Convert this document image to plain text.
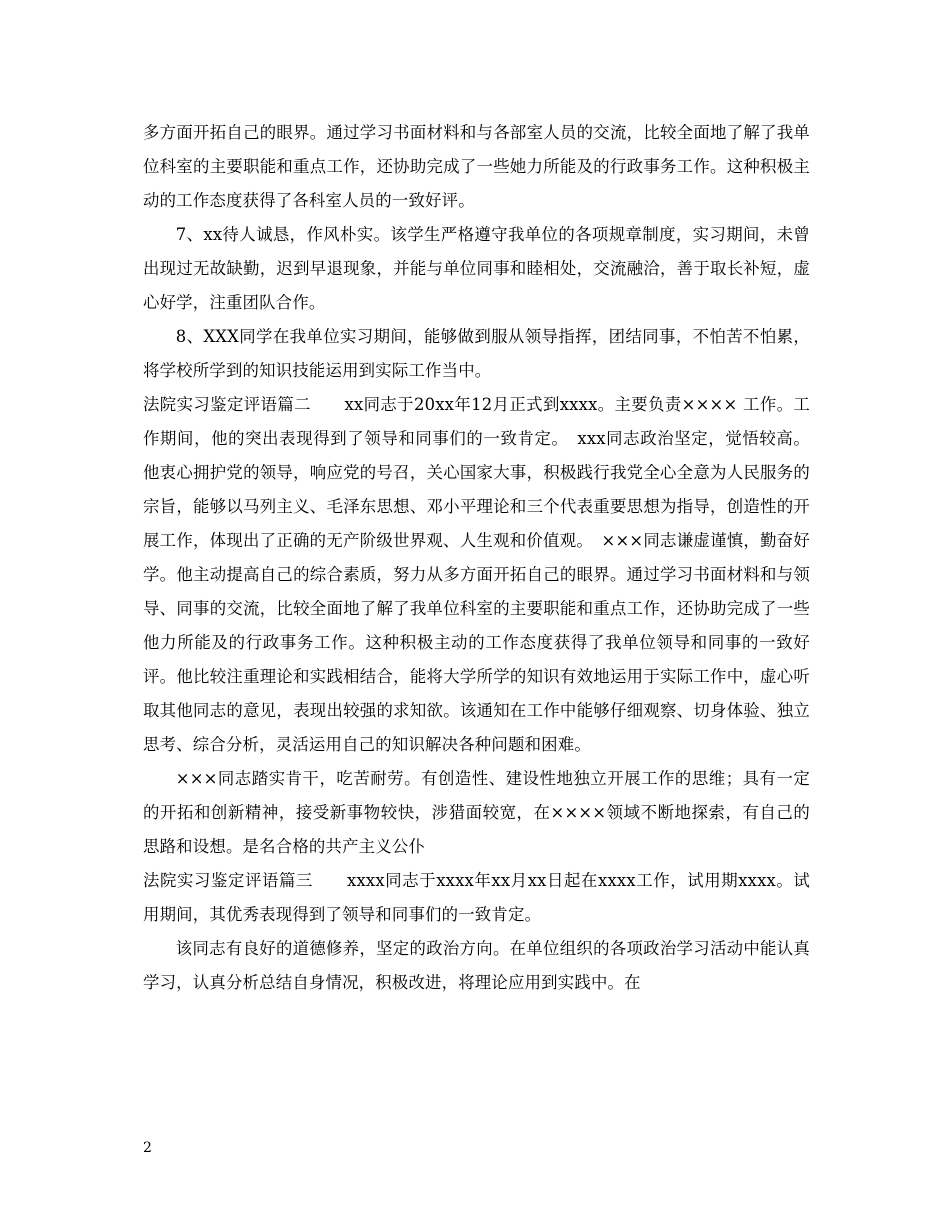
多方面开拓自己的眼界。通过学习书面材料和与各部室人员的交流，比较全面地了解了我单位科室的主要职能和重点工作，还协助完成了一些她力所能及的行政事务工作。这种积极主动的工作态度获得了各科室人员的一致好评。

7、xx待人诚恳，作风朴实。该学生严格遵守我单位的各项规章制度，实习期间，未曾出现过无故缺勤，迟到早退现象，并能与单位同事和睦相处，交流融洽，善于取长补短，虚心好学，注重团队合作。

8、XXX同学在我单位实习期间，能够做到服从领导指挥，团结同事，不怕苦不怕累，将学校所学到的知识技能运用到实际工作当中。

法院实习鉴定评语篇二　　xx同志于20xx年12月正式到xxxx。主要负责×××× 工作。工作期间，他的突出表现得到了领导和同事们的一致肯定。　xxx同志政治坚定，觉悟较高。他衷心拥护党的领导，响应党的号召，关心国家大事，积极践行我党全心全意为人民服务的宗旨，能够以马列主义、毛泽东思想、邓小平理论和三个代表重要思想为指导，创造性的开展工作，体现出了正确的无产阶级世界观、人生观和价值观。　×××同志谦虚谨慎，勤奋好学。他主动提高自己的综合素质，努力从多方面开拓自己的眼界。通过学习书面材料和与领导、同事的交流，比较全面地了解了我单位科室的主要职能和重点工作，还协助完成了一些他力所能及的行政事务工作。这种积极主动的工作态度获得了我单位领导和同事的一致好评。他比较注重理论和实践相结合，能将大学所学的知识有效地运用于实际工作中，虚心听取其他同志的意见，表现出较强的求知欲。该通知在工作中能够仔细观察、切身体验、独立思考、综合分析，灵活运用自己的知识解决各种问题和困难。

×××同志踏实肯干，吃苦耐劳。有创造性、建设性地独立开展工作的思维；具有一定的开拓和创新精神，接受新事物较快，涉猎面较宽，在××××领域不断地探索，有自己的思路和设想。是名合格的共产主义公仆

法院实习鉴定评语篇三　　xxxx同志于xxxx年xx月xx日起在xxxx工作，试用期xxxx。试用期间，其优秀表现得到了领导和同事们的一致肯定。

该同志有良好的道德修养，坚定的政治方向。在单位组织的各项政治学习活动中能认真学习，认真分析总结自身情况，积极改进，将理论应用到实践中。在

2
